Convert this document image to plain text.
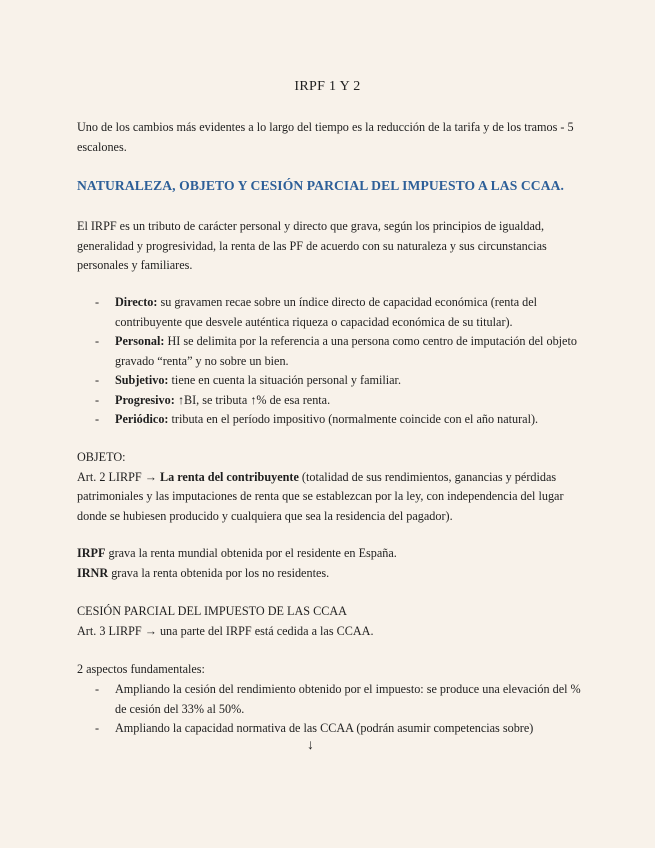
IRPF 1 Y 2
Uno de los cambios más evidentes a lo largo del tiempo es la reducción de la tarifa y de los tramos - 5 escalones.
NATURALEZA, OBJETO Y CESIÓN PARCIAL DEL IMPUESTO A LAS CCAA.
El IRPF es un tributo de carácter personal y directo que grava, según los principios de igualdad, generalidad y progresividad, la renta de las PF de acuerdo con su naturaleza y sus circunstancias personales y familiares.
- Directo: su gravamen recae sobre un índice directo de capacidad económica (renta del contribuyente que desvele auténtica riqueza o capacidad económica de su titular).
- Personal: HI se delimita por la referencia a una persona como centro de imputación del objeto gravado “renta” y no sobre un bien.
- Subjetivo: tiene en cuenta la situación personal y familiar.
- Progresivo: ↑BI, se tributa ↑% de esa renta.
- Periódico: tributa en el período impositivo (normalmente coincide con el año natural).
OBJETO:
Art. 2 LIRPF → La renta del contribuyente (totalidad de sus rendimientos, ganancias y pérdidas patrimoniales y las imputaciones de renta que se establezcan por la ley, con independencia del lugar donde se hubiesen producido y cualquiera que sea la residencia del pagador).
IRPF grava la renta mundial obtenida por el residente en España.
IRNR grava la renta obtenida por los no residentes.
CESIÓN PARCIAL DEL IMPUESTO DE LAS CCAA
Art. 3 LIRPF → una parte del IRPF está cedida a las CCAA.
2 aspectos fundamentales:
- Ampliando la cesión del rendimiento obtenido por el impuesto: se produce una elevación del % de cesión del 33% al 50%.
- Ampliando la capacidad normativa de las CCAA (podrán asumir competencias sobre)
↓
